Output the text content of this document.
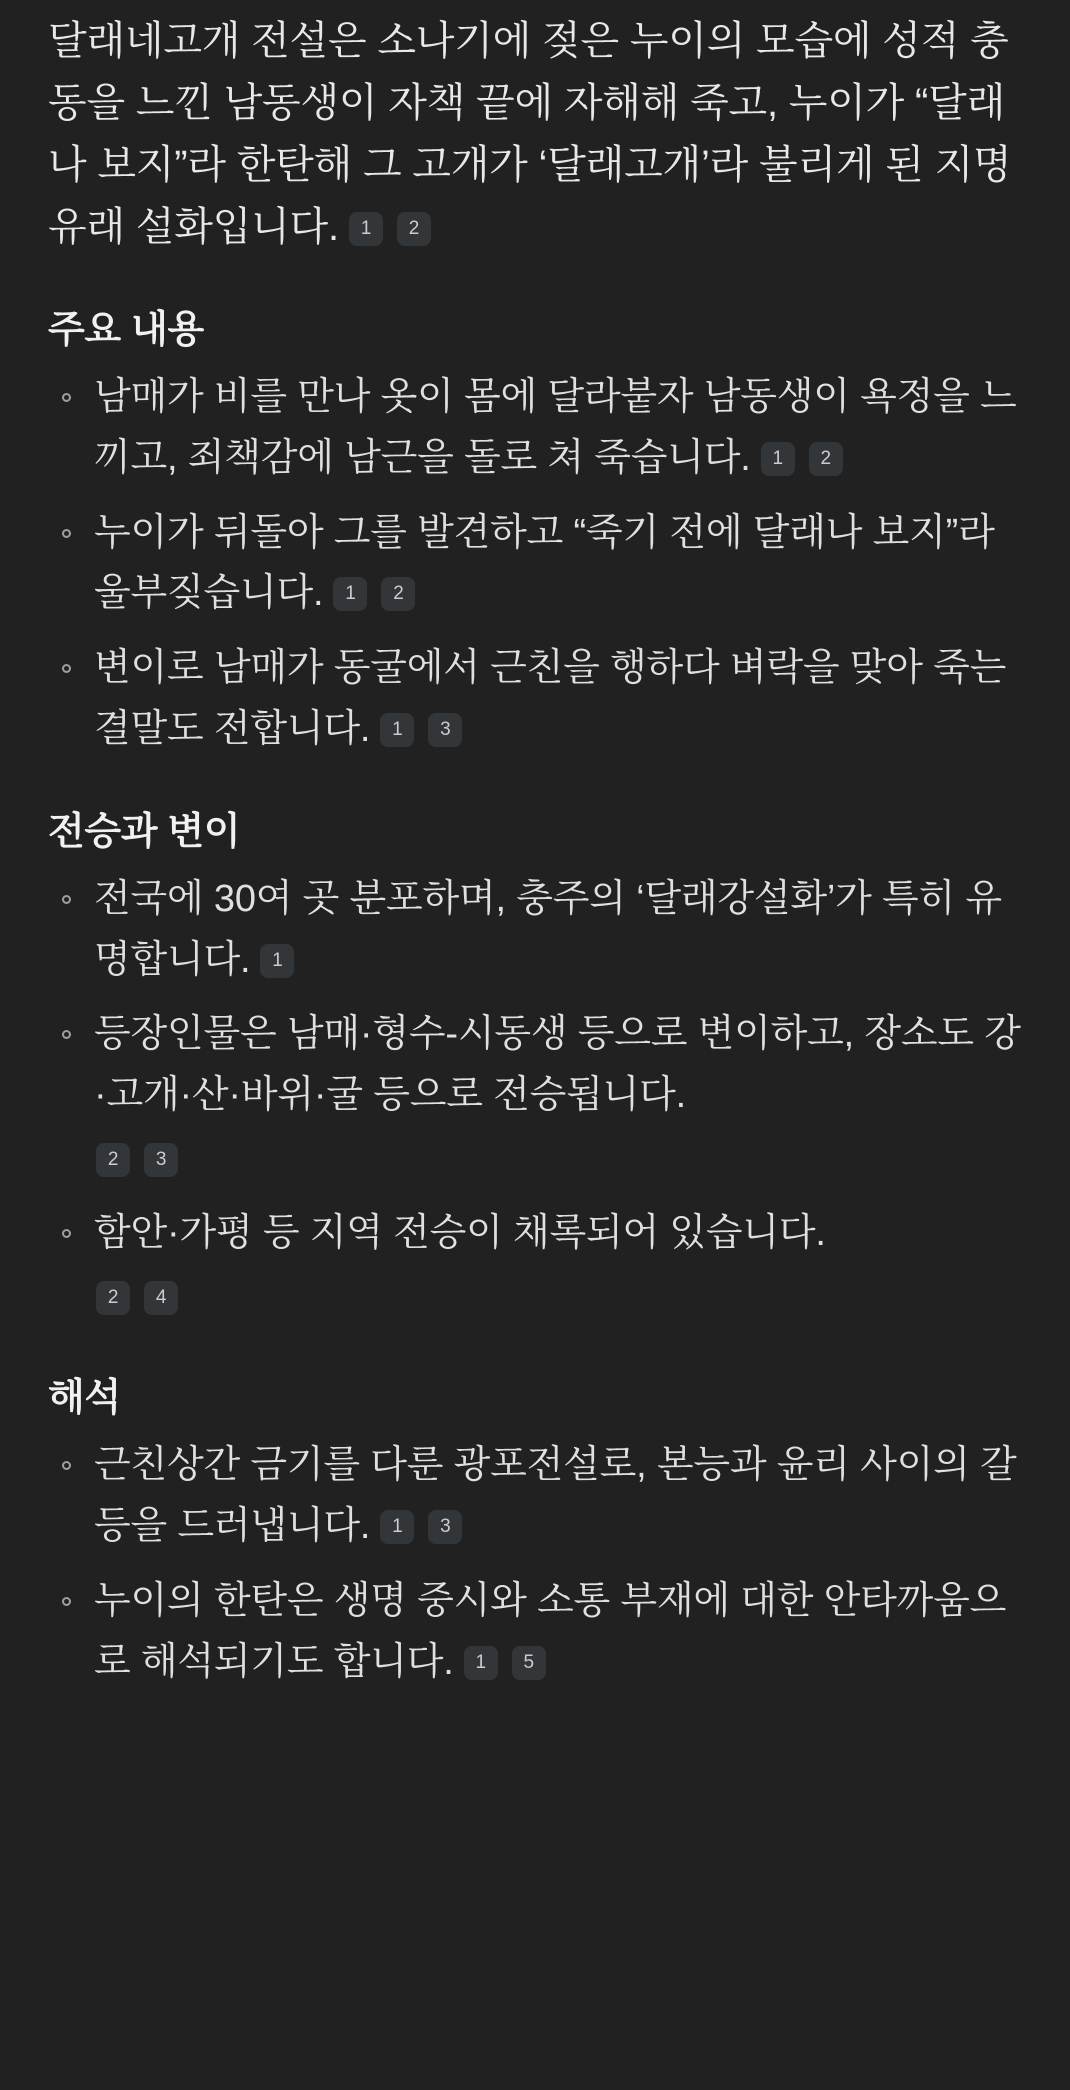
달래네고개 전설은 소나기에 젖은 누이의 모습에 성적 충동을 느낀 남동생이 자책 끝에 자해해 죽고, 누이가 “달래나 보지”라 한탄해 그 고개가 ‘달래고개’라 불리게 된 지명 유래 설화입니다. 1 2

주요 내용
남매가 비를 만나 옷이 몸에 달라붙자 남동생이 욕정을 느끼고, 죄책감에 남근을 돌로 쳐 죽습니다. 1 2
누이가 뒤돌아 그를 발견하고 “죽기 전에 달래나 보지”라 울부짖습니다. 1 2
변이로 남매가 동굴에서 근친을 행하다 벼락을 맞아 죽는 결말도 전합니다. 1 3
전승과 변이
전국에 30여 곳 분포하며, 충주의 ‘달래강설화’가 특히 유명합니다. 1
등장인물은 남매·형수-시동생 등으로 변이하고, 장소도 강·고개·산·바위·굴 등으로 전승됩니다.
2 3
함안·가평 등 지역 전승이 채록되어 있습니다.
2 4
해석
근친상간 금기를 다룬 광포전설로, 본능과 윤리 사이의 갈등을 드러냅니다. 1 3
누이의 한탄은 생명 중시와 소통 부재에 대한 안타까움으로 해석되기도 합니다. 1 5
